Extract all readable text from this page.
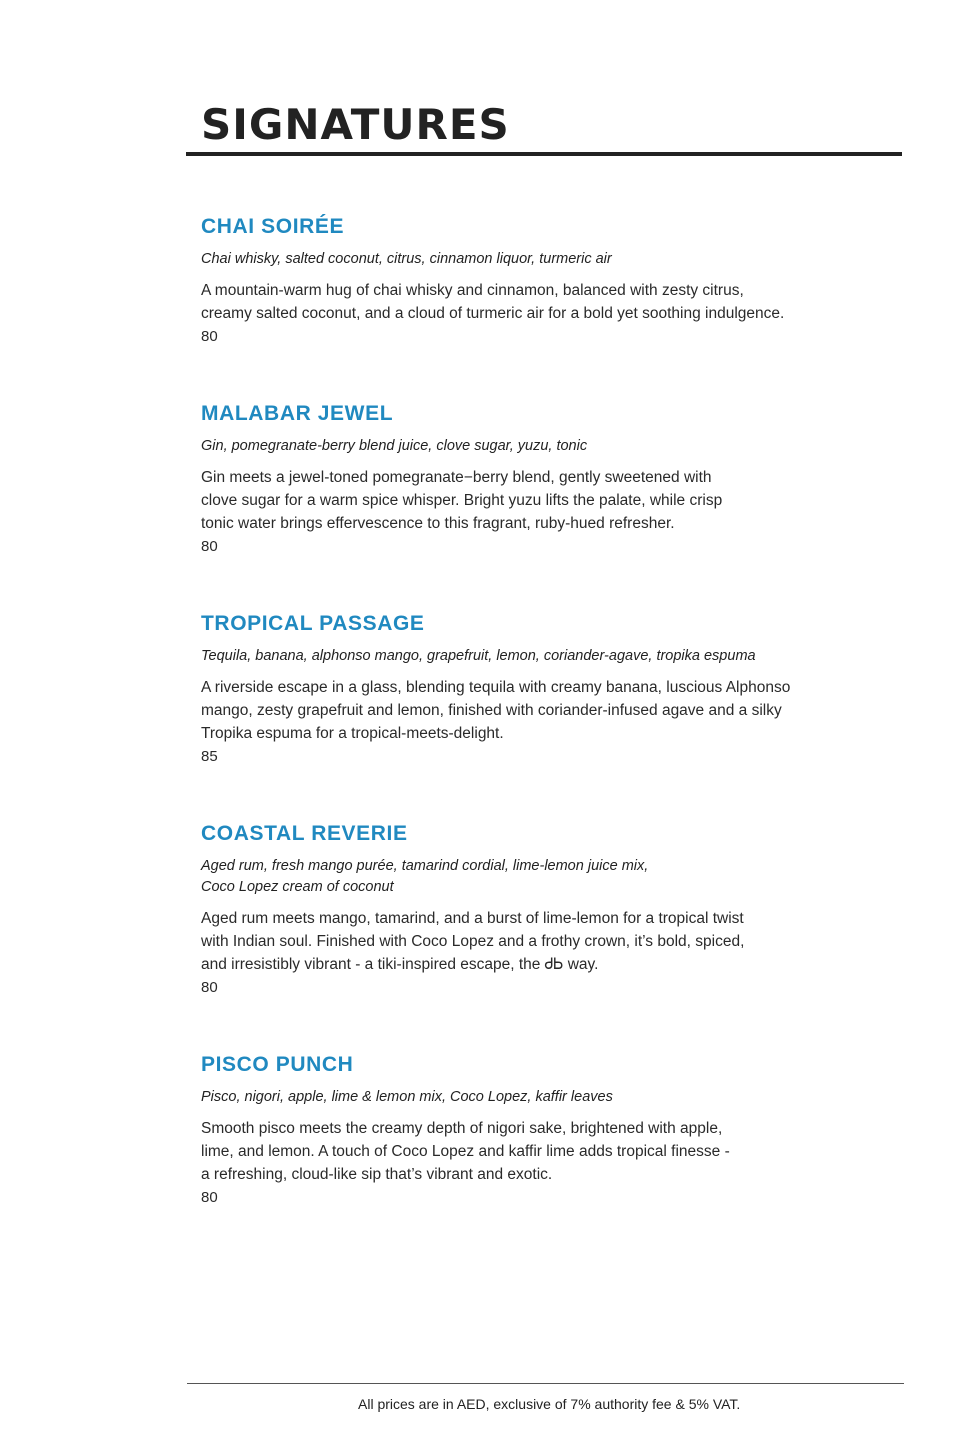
SIGNATURES
CHAI SOIRÉE

Chai whisky, salted coconut, citrus, cinnamon liquor, turmeric air

A mountain-warm hug of chai whisky and cinnamon, balanced with zesty citrus,
creamy salted coconut, and a cloud of turmeric air for a bold yet soothing indulgence.

80

MALABAR JEWEL

Gin, pomegranate-berry blend juice, clove sugar, yuzu, tonic

Gin meets a jewel-toned pomegranate−berry blend, gently sweetened with
clove sugar for a warm spice whisper. Bright yuzu lifts the palate, while crisp
tonic water brings effervescence to this fragrant, ruby-hued refresher.

80

TROPICAL PASSAGE

Tequila, banana, alphonso mango, grapefruit, lemon, coriander-agave, tropika espuma

A riverside escape in a glass, blending tequila with creamy banana, luscious Alphonso
mango, zesty grapefruit and lemon, finished with coriander-infused agave and a silky
Tropika espuma for a tropical-meets-delight.

85

COASTAL REVERIE

Aged rum, fresh mango purée, tamarind cordial, lime-lemon juice mix,
Coco Lopez cream of coconut

Aged rum meets mango, tamarind, and a burst of lime-lemon for a tropical twist
with Indian soul. Finished with Coco Lopez and a frothy crown, it’s bold, spiced,
and irresistibly vibrant - a tiki-inspired escape, the ᏧᏏ way.

80

PISCO PUNCH

Pisco, nigori, apple, lime & lemon mix, Coco Lopez, kaffir leaves

Smooth pisco meets the creamy depth of nigori sake, brightened with apple,
lime, and lemon. A touch of Coco Lopez and kaffir lime adds tropical finesse -
a refreshing, cloud-like sip that’s vibrant and exotic.

80

All prices are in AED, exclusive of 7% authority fee & 5% VAT.
